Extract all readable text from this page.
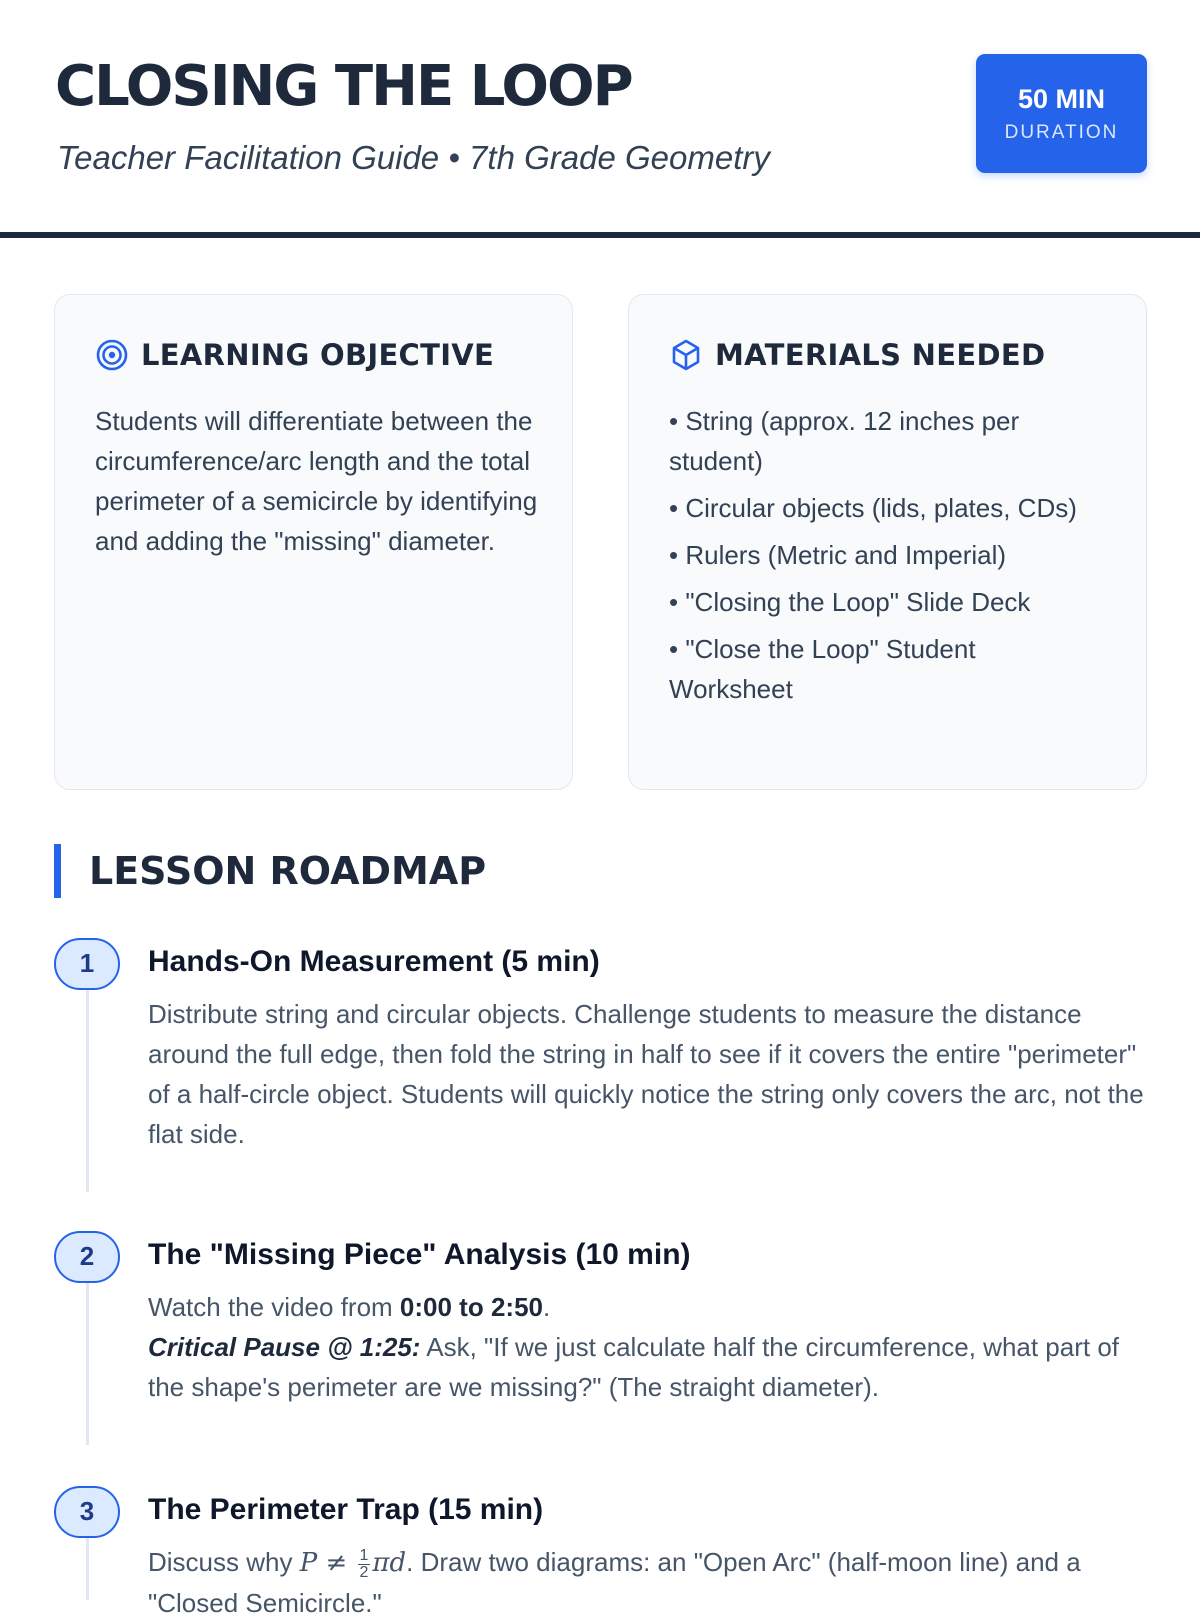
CLOSING THE LOOP
Teacher Facilitation Guide • 7th Grade Geometry
50 MIN
DURATION
LEARNING OBJECTIVE
Students will differentiate between the circumference/arc length and the total perimeter of a semicircle by identifying and adding the "missing" diameter.
MATERIALS NEEDED
• String (approx. 12 inches per student)
• Circular objects (lids, plates, CDs)
• Rulers (Metric and Imperial)
• "Closing the Loop" Slide Deck
• "Close the Loop" Student Worksheet
LESSON ROADMAP
1	Hands-On Measurement (5 min)
Distribute string and circular objects. Challenge students to measure the distance around the full edge, then fold the string in half to see if it covers the entire "perimeter" of a half-circle object. Students will quickly notice the string only covers the arc, not the flat side.
2	The "Missing Piece" Analysis (10 min)
Watch the video from 0:00 to 2:50.
Critical Pause @ 1:25: Ask, "If we just calculate half the circumference, what part of the shape's perimeter are we missing?" (The straight diameter).
3	The Perimeter Trap (15 min)
Discuss why $P \ne \frac{1}{2} \pi d$. Draw two diagrams: an "Open Arc" (half-moon line) and a "Closed Semicircle."
